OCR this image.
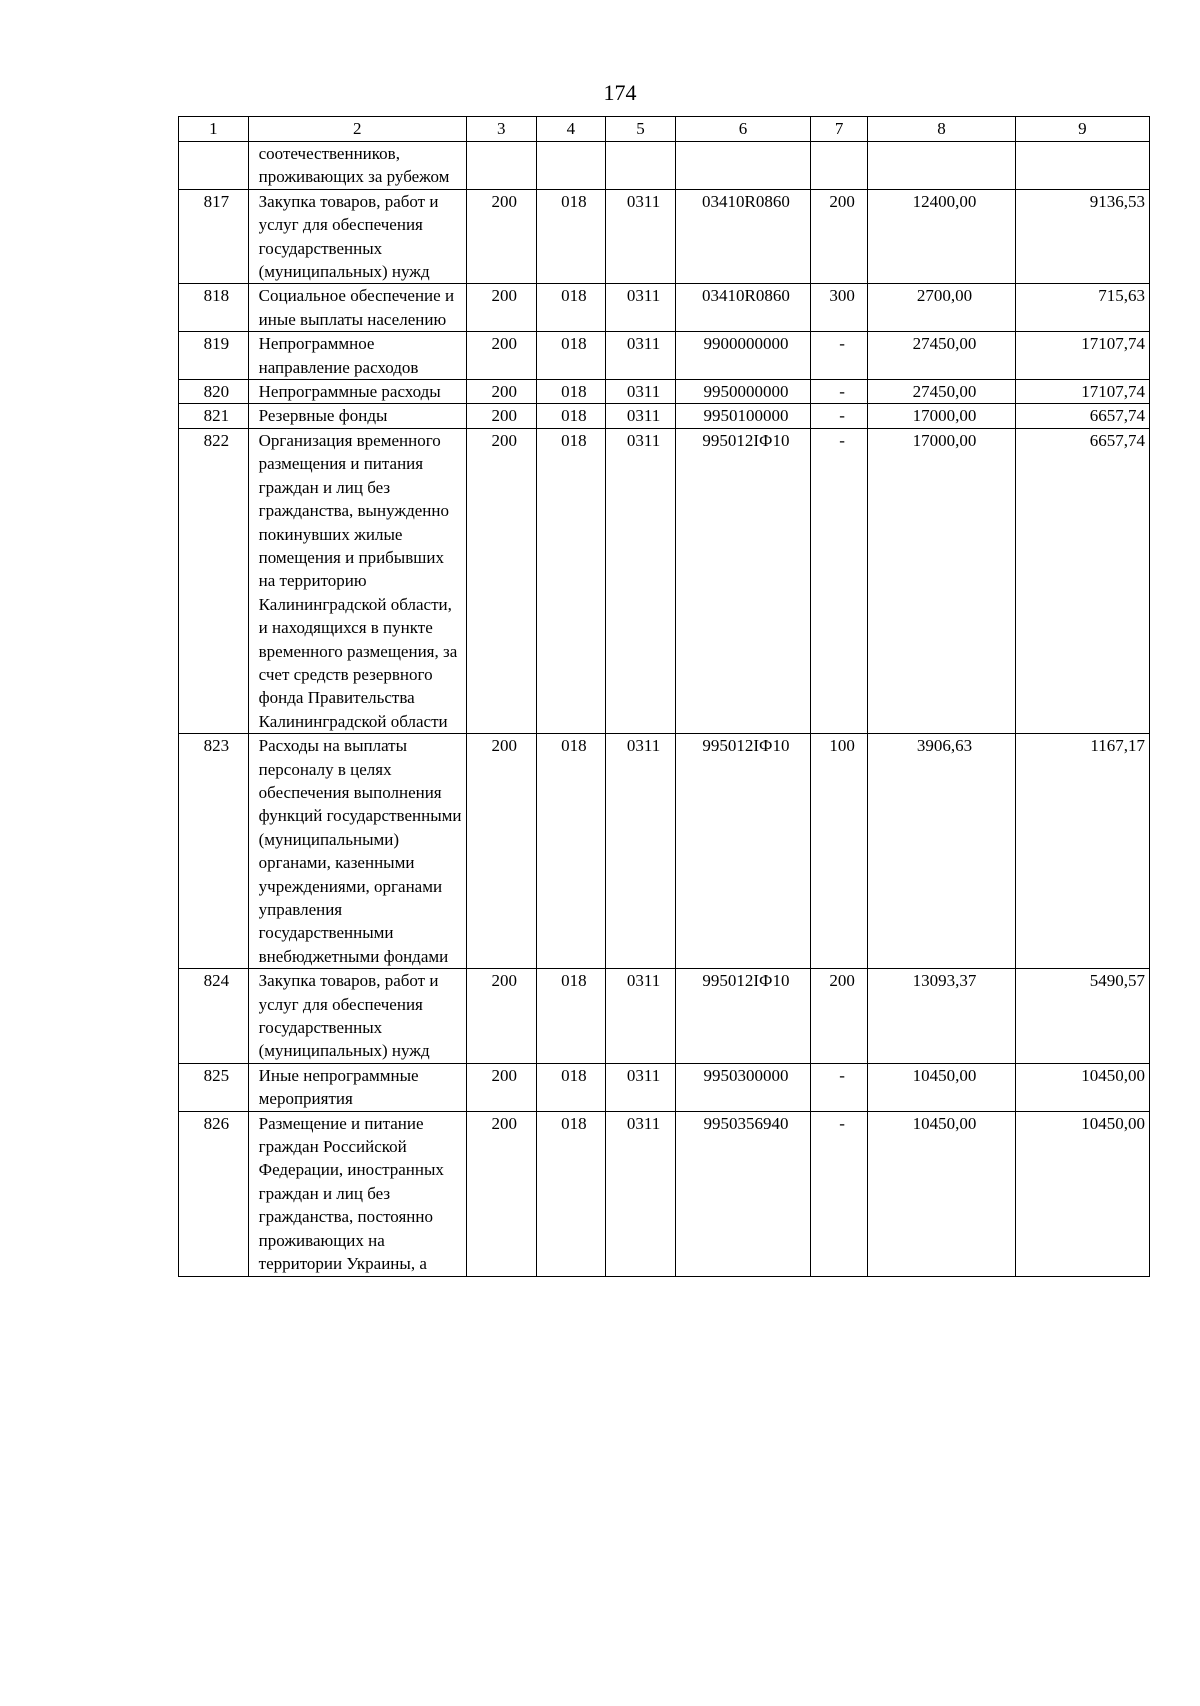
174
1	2	3	4	5	6	7	8	9
	соотечественников, проживающих за рубежом							
817	Закупка товаров, работ и услуг для обеспечения государственных (муниципальных) нужд	200	018	0311	03410R0860	200	12400,00	9136,53
818	Социальное обеспечение и иные выплаты населению	200	018	0311	03410R0860	300	2700,00	715,63
819	Непрограммное направление расходов	200	018	0311	9900000000	-	27450,00	17107,74
820	Непрограммные расходы	200	018	0311	9950000000	-	27450,00	17107,74
821	Резервные фонды	200	018	0311	9950100000	-	17000,00	6657,74
822	Организация временного размещения и питания граждан и лиц без гражданства, вынужденно покинувших жилые помещения и прибывших на территорию Калининградской области, и находящихся в пункте временного размещения, за счет средств резервного фонда Правительства Калининградской области	200	018	0311	995012IФ10	-	17000,00	6657,74
823	Расходы на выплаты персоналу в целях обеспечения выполнения функций государственными (муниципальными) органами, казенными учреждениями, органами управления государственными внебюджетными фондами	200	018	0311	995012IФ10	100	3906,63	1167,17
824	Закупка товаров, работ и услуг для обеспечения государственных (муниципальных) нужд	200	018	0311	995012IФ10	200	13093,37	5490,57
825	Иные непрограммные мероприятия	200	018	0311	9950300000	-	10450,00	10450,00
826	Размещение и питание граждан Российской Федерации, иностранных граждан и лиц без гражданства, постоянно проживающих на территории Украины, а	200	018	0311	9950356940	-	10450,00	10450,00
